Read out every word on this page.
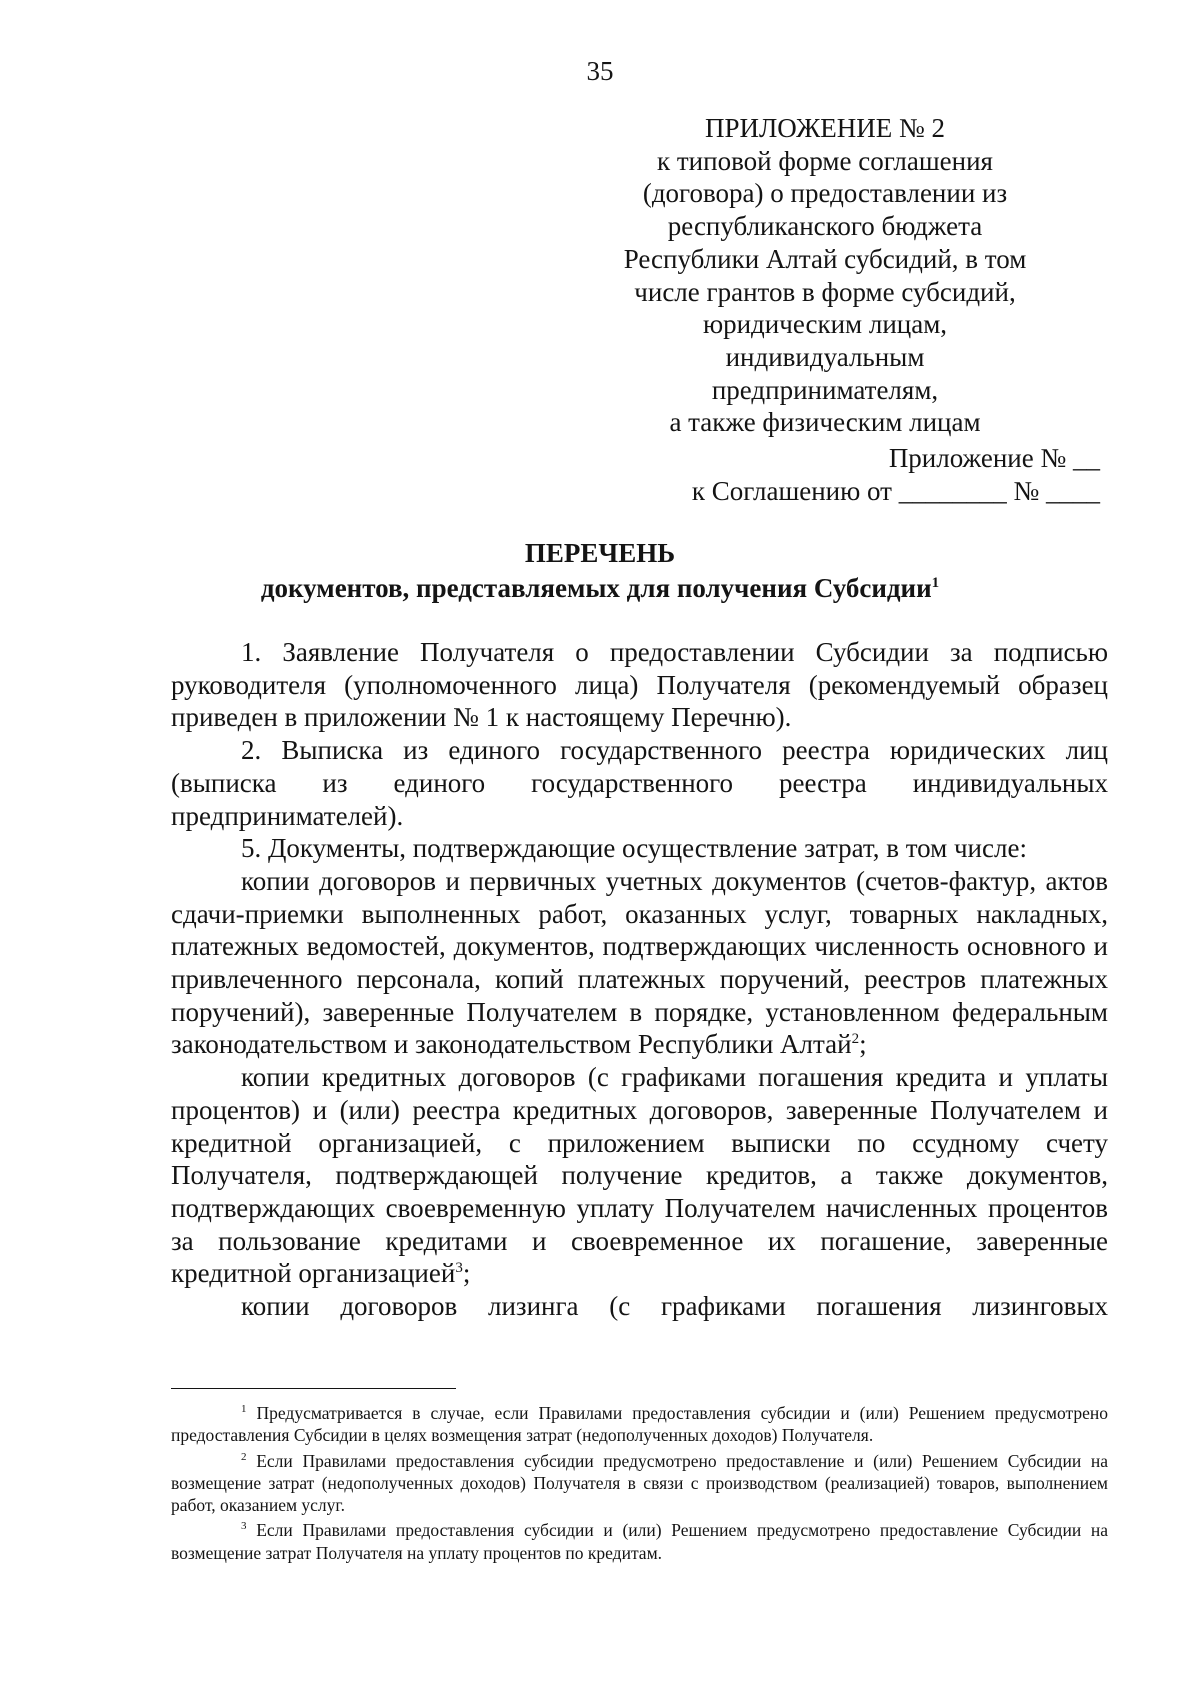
35
ПРИЛОЖЕНИЕ № 2
к типовой форме соглашения
(договора) о предоставлении из
республиканского бюджета
Республики Алтай субсидий, в том
числе грантов в форме субсидий,
юридическим лицам,
индивидуальным предпринимателям,
а также физическим лицам
Приложение № __
к Соглашению от ________ № ____
ПЕРЕЧЕНЬ
документов, представляемых для получения Субсидии$^1$

1. Заявление Получателя о предоставлении Субсидии за подписью руководителя (уполномоченного лица) Получателя (рекомендуемый образец приведен в приложении № 1 к настоящему Перечню).

2. Выписка из единого государственного реестра юридических лиц (выписка из единого государственного реестра индивидуальных предпринимателей).

5. Документы, подтверждающие осуществление затрат, в том числе:

копии договоров и первичных учетных документов (счетов-фактур, актов сдачи-приемки выполненных работ, оказанных услуг, товарных накладных, платежных ведомостей, документов, подтверждающих численность основного и привлеченного персонала, копий платежных поручений, реестров платежных поручений), заверенные Получателем в порядке, установленном федеральным законодательством и законодательством Республики Алтай$^2$;

копии кредитных договоров (с графиками погашения кредита и уплаты процентов) и (или) реестра кредитных договоров, заверенные Получателем и кредитной организацией, с приложением выписки по ссудному счету Получателя, подтверждающей получение кредитов, а также документов, подтверждающих своевременную уплату Получателем начисленных процентов за пользование кредитами и своевременное их погашение, заверенные кредитной организацией$^3$;

копии договоров лизинга (с графиками погашения лизинговых

$^1$ Предусматривается в случае, если Правилами предоставления субсидии и (или) Решением предусмотрено предоставления Субсидии в целях возмещения затрат (недополученных доходов) Получателя.

$^2$ Если Правилами предоставления субсидии предусмотрено предоставление и (или) Решением Субсидии на возмещение затрат (недополученных доходов) Получателя в связи с производством (реализацией) товаров, выполнением работ, оказанием услуг.

$^3$ Если Правилами предоставления субсидии и (или) Решением предусмотрено предоставление Субсидии на возмещение затрат Получателя на уплату процентов по кредитам.
